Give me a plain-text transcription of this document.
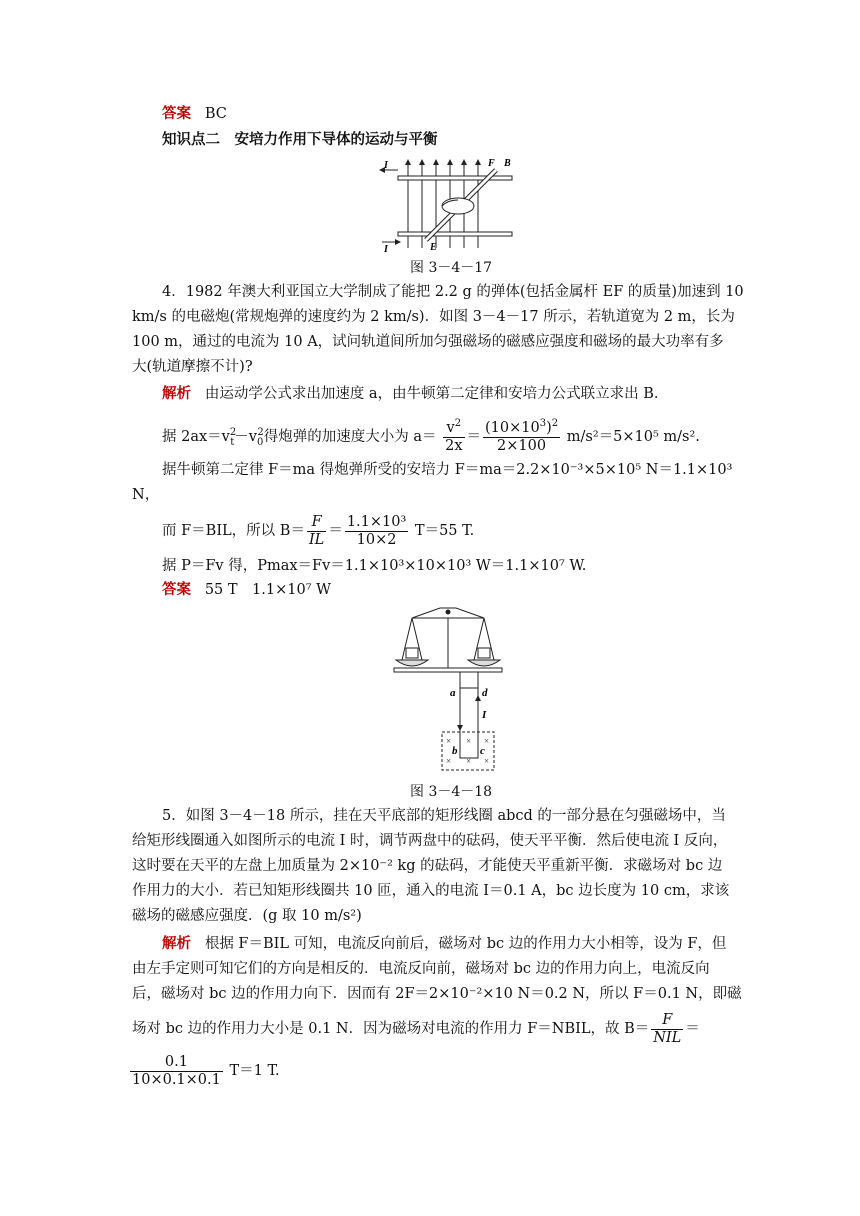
答案 BC
知识点二　安培力作用下导体的运动与平衡
I
I
F B
E
图 3－4－17
4．1982 年澳大利亚国立大学制成了能把 2.2 g 的弹体(包括金属杆 EF 的质量)加速到 10
km/s 的电磁炮(常规炮弹的速度约为 2 km/s)．如图 3－4－17 所示，若轨道宽为 2 m，长为
100 m，通过的电流为 10 A，试问轨道间所加匀强磁场的磁感应强度和磁场的最大功率有多
大(轨道摩擦不计)?
解析 由运动学公式求出加速度 a，由牛顿第二定律和安培力公式联立求出 B.
据 $2ax=v^2_t-v_0^2$得炮弹的加速度大小为 $a= \frac{v^2}{2x} = \frac{(10\times 10^3)^2}{2\times 100} m/s^2=5\times 10^5$ m/s².
据牛顿第二定律 F＝ma 得炮弹所受的安培力 F＝ma＝2.2×10⁻³×5×10⁵ N＝1.1×10³
N，
而 F＝BIL，所以 $B= \frac{F}{IL} = \frac{\text{1.1×10³}}{10\times 2} T=55$ T.
据 P＝Fv 得，Pmax＝Fv＝1.1×10³×10×10³ W＝1.1×10⁷ W.
答案 55 T　1.1×10⁷ W
× × ×
× × ×
a d
I
b c
图 3－4－18
5．如图 3－4－18 所示，挂在天平底部的矩形线圈 abcd 的一部分悬在匀强磁场中，当
给矩形线圈通入如图所示的电流 I 时，调节两盘中的砝码，使天平平衡．然后使电流 I 反向，
这时要在天平的左盘上加质量为 2×10⁻² kg 的砝码，才能使天平重新平衡．求磁场对 bc 边
作用力的大小．若已知矩形线圈共 10 匝，通入的电流 I＝0.1 A，bc 边长度为 10 cm，求该
磁场的磁感应强度．(g 取 10 m/s²)
解析 根据 F＝BIL 可知，电流反向前后，磁场对 bc 边的作用力大小相等，设为 F，但
由左手定则可知它们的方向是相反的．电流反向前，磁场对 bc 边的作用力向上，电流反向
后，磁场对 bc 边的作用力向下．因而有 2F＝2×10⁻²×10 N＝0.2 N，所以 F＝0.1 N，即磁
场对 bc 边的作用力大小是 0.1 N．因为磁场对电流的作用力 F＝NBIL，故 $B= \frac{F}{\text{NIL}}$ ＝
$\frac{0.1}{10\times 0.1\times 0.1} T=1$ T.
